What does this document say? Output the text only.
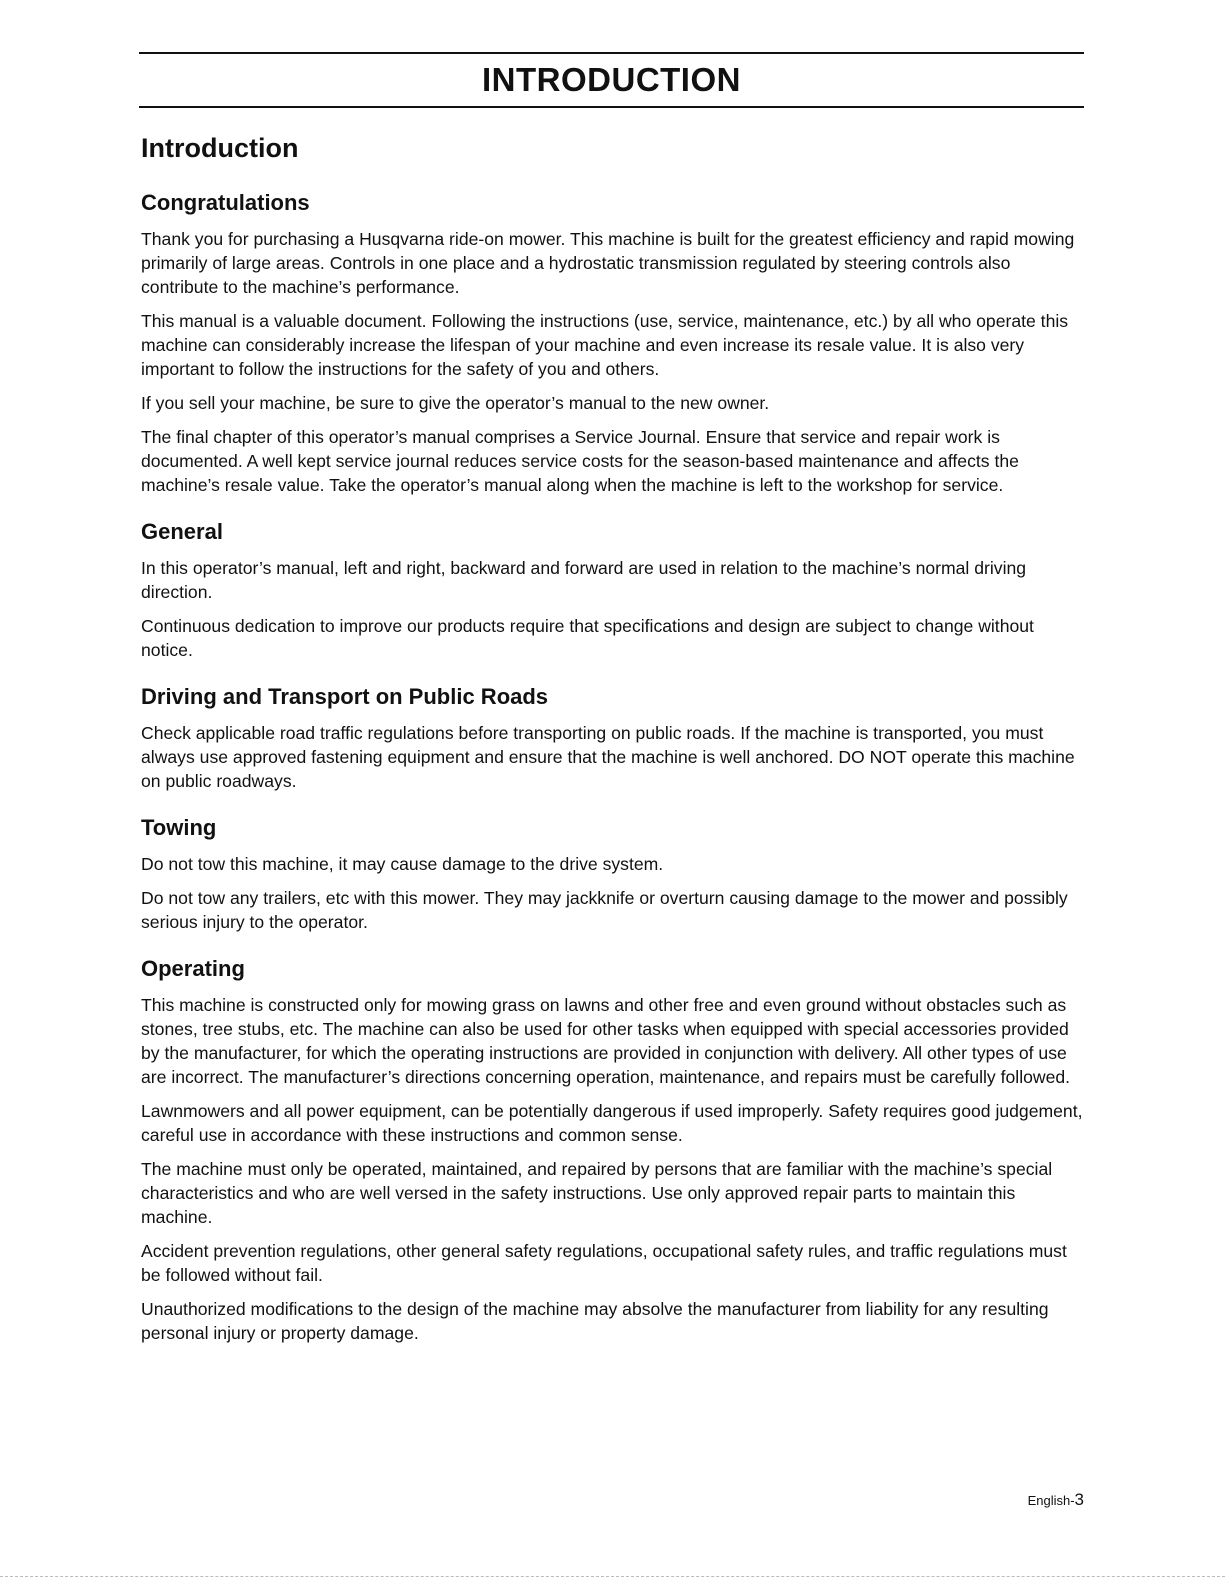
INTRODUCTION
Introduction
Congratulations

Thank you for purchasing a Husqvarna ride-on mower. This machine is built for the greatest efficiency and rapid mowing primarily of large areas. Controls in one place and a hydrostatic transmission regulated by steering controls also contribute to the machine’s performance.

This manual is a valuable document. Following the instructions (use, service, maintenance, etc.) by all who operate this machine can considerably increase the lifespan of your machine and even increase its resale value. It is also very important to follow the instructions for the safety of you and others.

If you sell your machine, be sure to give the operator’s manual to the new owner.

The final chapter of this operator’s manual comprises a Service Journal. Ensure that service and repair work is documented. A well kept service journal reduces service costs for the season-based maintenance and affects the machine’s resale value. Take the operator’s manual along when the machine is left to the workshop for service.

General

In this operator’s manual, left and right, backward and forward are used in relation to the machine’s normal driving direction.

Continuous dedication to improve our products require that specifications and design are subject to change without notice.

Driving and Transport on Public Roads

Check applicable road traffic regulations before transporting on public roads. If the machine is transported, you must always use approved fastening equipment and ensure that the machine is well anchored. DO NOT operate this machine on public roadways.

Towing

Do not tow this machine, it may cause damage to the drive system.

Do not tow any trailers, etc with this mower. They may jackknife or overturn causing damage to the mower and possibly serious injury to the operator.

Operating

This machine is constructed only for mowing grass on lawns and other free and even ground without obstacles such as stones, tree stubs, etc. The machine can also be used for other tasks when equipped with special accessories provided by the manufacturer, for which the operating instructions are provided in conjunction with delivery. All other types of use are incorrect. The manufacturer’s directions concerning operation, maintenance, and repairs must be carefully followed.

Lawnmowers and all power equipment, can be potentially dangerous if used improperly. Safety requires good judgement, careful use in accordance with these instructions and common sense.

The machine must only be operated, maintained, and repaired by persons that are familiar with the machine’s special characteristics and who are well versed in the safety instructions. Use only approved repair parts to maintain this machine.

Accident prevention regulations, other general safety regulations, occupational safety rules, and traffic regulations must be followed without fail.

Unauthorized modifications to the design of the machine may absolve the manufacturer from liability for any resulting personal injury or property damage.

English-3
